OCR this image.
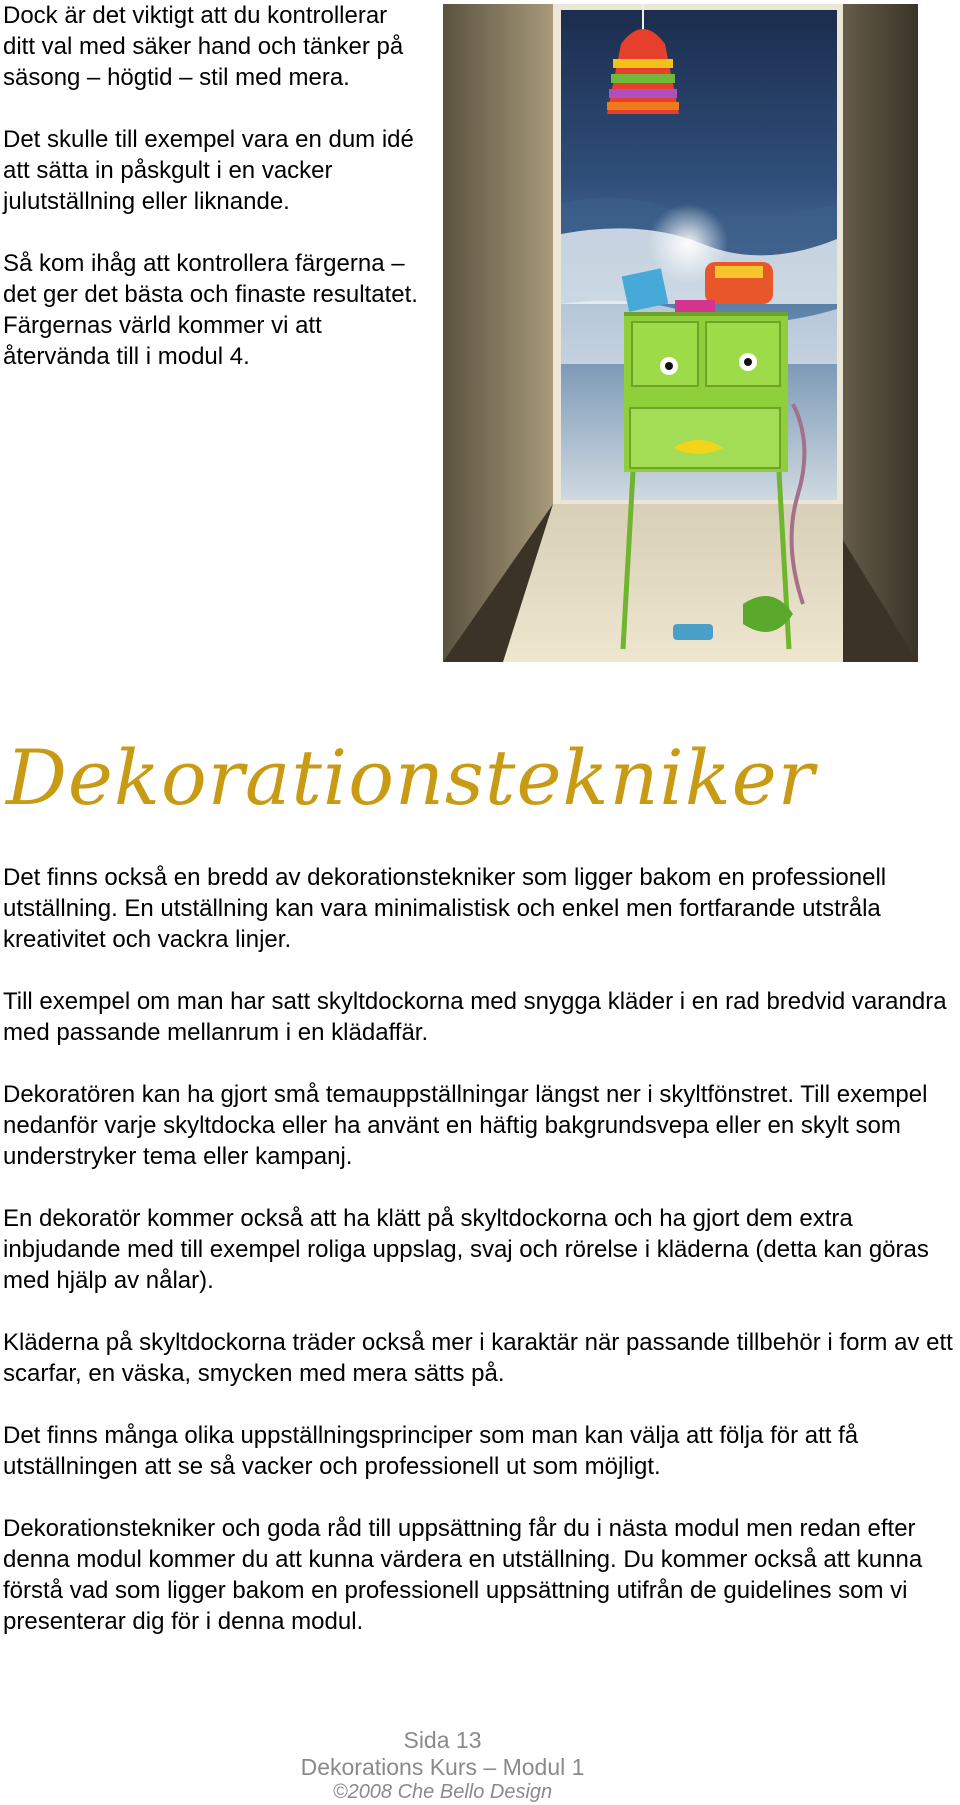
Dock är det viktigt att du kontrollerar ditt val med säker hand och tänker på säsong – högtid – stil med mera.

Det skulle till exempel vara en dum idé att sätta in påskgult i en vacker julutställning eller liknande.

Så kom ihåg att kontrollera färgerna – det ger det bästa och finaste resultatet. Färgernas värld kommer vi att återvända till i modul 4.

Dekorationstekniker

Det finns också en bredd av dekorationstekniker som ligger bakom en professionell utställning. En utställning kan vara minimalistisk och enkel men fortfarande utstråla kreativitet och vackra linjer.

Till exempel om man har satt skyltdockorna med snygga kläder i en rad bredvid varandra med passande mellanrum i en klädaffär.

Dekoratören kan ha gjort små temauppställningar längst ner i skyltfönstret. Till exempel nedanför varje skyltdocka eller ha använt en häftig bakgrundsvepa eller en skylt som understryker tema eller kampanj.

En dekoratör kommer också att ha klätt på skyltdockorna och ha gjort dem extra inbjudande med till exempel roliga uppslag, svaj och rörelse i kläderna (detta kan göras med hjälp av nålar).

Kläderna på skyltdockorna träder också mer i karaktär när passande tillbehör i form av ett scarfar, en väska, smycken med mera sätts på.

Det finns många olika uppställningsprinciper som man kan välja att följa för att få utställningen att se så vacker och professionell ut som möjligt.

Dekorationstekniker och goda råd till uppsättning får du i nästa modul men redan efter denna modul kommer du att kunna värdera en utställning. Du kommer också att kunna förstå vad som ligger bakom en professionell uppsättning utifrån de guidelines som vi presenterar dig för i denna modul.

Sida 13
Dekorations Kurs – Modul 1
©2008 Che Bello Design
